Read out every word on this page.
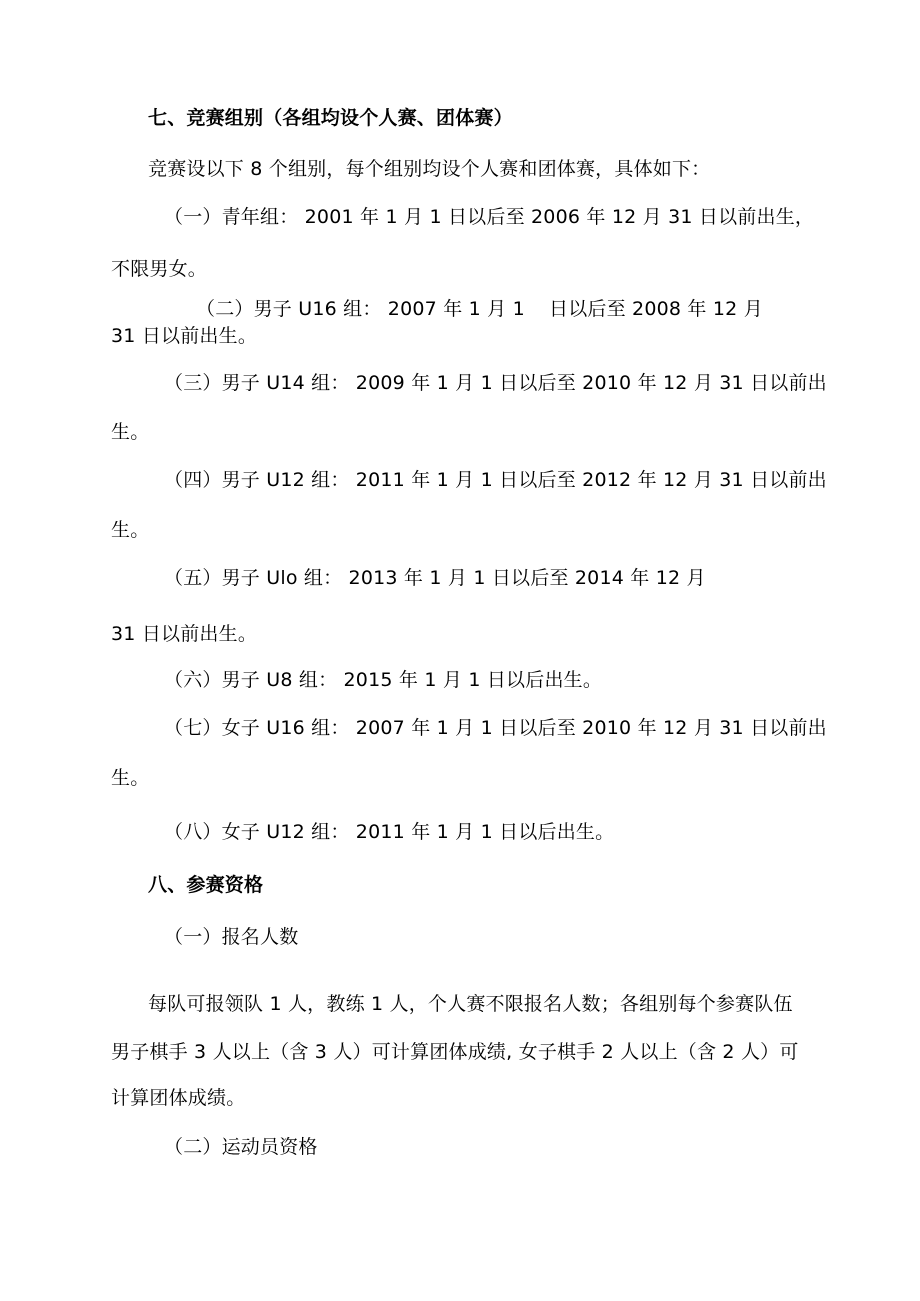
七、竞赛组别（各组均设个人赛、团体赛）
竞赛设以下 8 个组别，每个组别均设个人赛和团体赛，具体如下：
（一）青年组： 2001 年 1 月 1 日以后至 2006 年 12 月 31 日以前出生，
不限男女。
（二）男子 U16 组： 2007 年 1 月 1 日以后至 2008 年 12 月
31 日以前出生。
（三）男子 U14 组： 2009 年 1 月 1 日以后至 2010 年 12 月 31 日以前出
生。
（四）男子 U12 组： 2011 年 1 月 1 日以后至 2012 年 12 月 31 日以前出
生。
（五）男子 Ulo 组： 2013 年 1 月 1 日以后至 2014 年 12 月
31 日以前出生。
（六）男子 U8 组： 2015 年 1 月 1 日以后出生。
（七）女子 U16 组： 2007 年 1 月 1 日以后至 2010 年 12 月 31 日以前出
生。
（八）女子 U12 组： 2011 年 1 月 1 日以后出生。
八、参赛资格
（一）报名人数
每队可报领队 1 人，教练 1 人，个人赛不限报名人数；各组别每个参赛队伍
男子棋手 3 人以上（含 3 人）可计算团体成绩, 女子棋手 2 人以上（含 2 人）可
计算团体成绩。
（二）运动员资格
